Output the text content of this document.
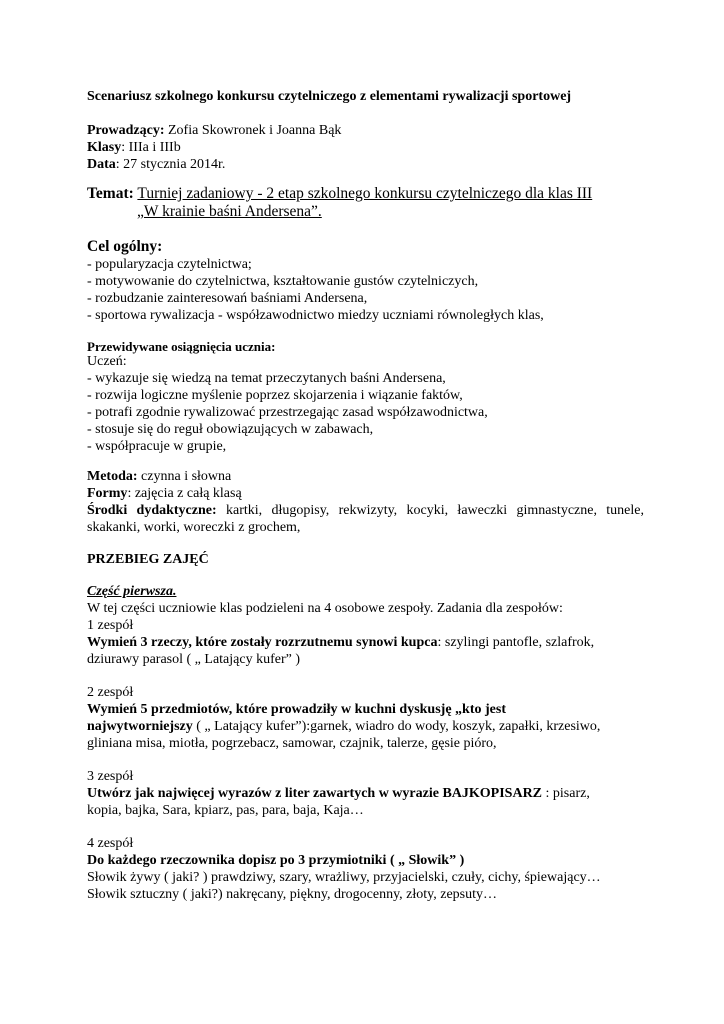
Scenariusz szkolnego konkursu czytelniczego z elementami rywalizacji sportowej
Prowadzący: Zofia Skowronek i Joanna Bąk
Klasy: IIIa i IIIb
Data: 27 stycznia 2014r.
Temat: Turniej zadaniowy - 2 etap szkolnego konkursu czytelniczego dla klas III
„W krainie baśni Andersena”.
Cel ogólny:
- popularyzacja czytelnictwa;
- motywowanie do czytelnictwa, kształtowanie gustów czytelniczych,
- rozbudzanie zainteresowań baśniami Andersena,
- sportowa rywalizacja - współzawodnictwo miedzy uczniami równoległych klas,
Przewidywane osiągnięcia ucznia:
Uczeń:
- wykazuje się wiedzą na temat przeczytanych baśni Andersena,
- rozwija logiczne myślenie poprzez skojarzenia i wiązanie faktów,
- potrafi zgodnie rywalizować przestrzegając zasad współzawodnictwa,
- stosuje się do reguł obowiązujących w zabawach,
- współpracuje w grupie,
Metoda: czynna i słowna
Formy: zajęcia z całą klasą
Środki dydaktyczne: kartki, długopisy, rekwizyty, kocyki, ławeczki gimnastyczne, tunele,
skakanki, worki, woreczki z grochem,
PRZEBIEG ZAJĘĆ
Część pierwsza.
W tej części uczniowie klas podzieleni na 4 osobowe zespoły. Zadania dla zespołów:
1 zespół
Wymień 3 rzeczy, które zostały rozrzutnemu synowi kupca: szylingi pantofle, szlafrok,
dziurawy parasol ( „ Latający kufer” )
2 zespół
Wymień 5 przedmiotów, które prowadziły w kuchni dyskusję „kto jest
najwytworniejszy ( „ Latający kufer”):garnek, wiadro do wody, koszyk, zapałki, krzesiwo,
gliniana misa, miotła, pogrzebacz, samowar, czajnik, talerze, gęsie pióro,
3 zespół
Utwórz jak najwięcej wyrazów z liter zawartych w wyrazie BAJKOPISARZ : pisarz,
kopia, bajka, Sara, kpiarz, pas, para, baja, Kaja…
4 zespół
Do każdego rzeczownika dopisz po 3 przymiotniki ( „ Słowik” )
Słowik żywy ( jaki? ) prawdziwy, szary, wrażliwy, przyjacielski, czuły, cichy, śpiewający…
Słowik sztuczny ( jaki?) nakręcany, piękny, drogocenny, złoty, zepsuty…
